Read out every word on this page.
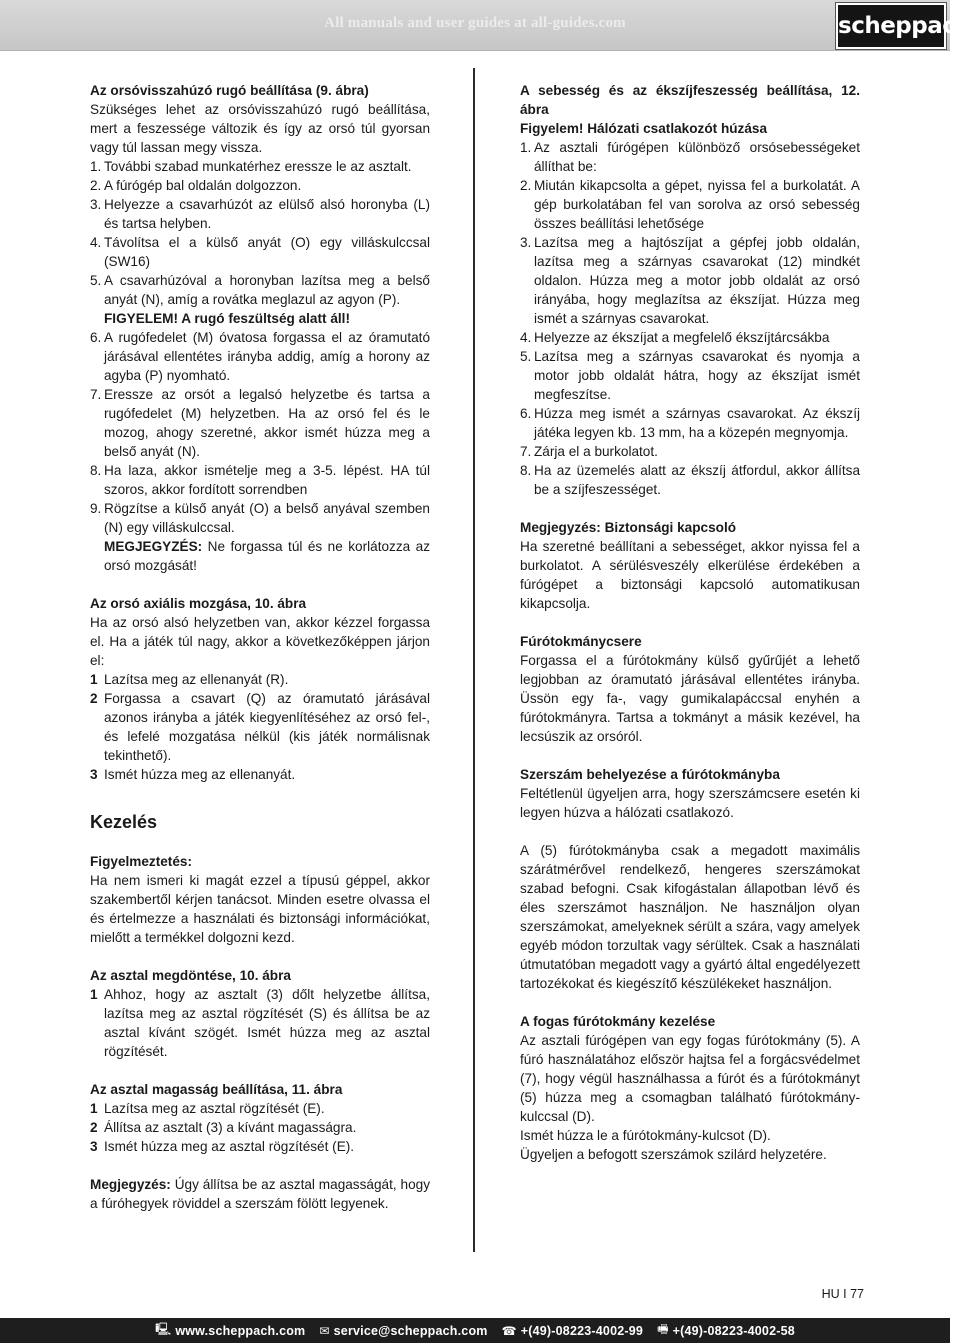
All manuals and user guides at all-guides.com	scheppach

Az orsóvisszahúzó rugó beállítása (9. ábra)

Szükséges lehet az orsóvisszahúzó rugó beállítása, mert a feszessége változik és így az orsó túl gyorsan vagy túl lassan megy vissza.

1. További szabad munkatérhez eressze le az asztalt.
2. A fúrógép bal oldalán dolgozzon.
3. Helyezze a csavarhúzót az elülső alsó horonyba (L) és tartsa helyben.
4. Távolítsa el a külső anyát (O) egy villáskulccsal (SW16)
5. A csavarhúzóval a horonyban lazítsa meg a belső anyát (N), amíg a rovátka meglazul az agyon (P).
FIGYELEM! A rugó feszültség alatt áll!
6. A rugófedelet (M) óvatosa forgassa el az óramutató járásával ellentétes irányba addig, amíg a horony az agyba (P) nyomható.
7. Eressze az orsót a legalsó helyzetbe és tartsa a rugófedelet (M) helyzetben. Ha az orsó fel és le mozog, ahogy szeretné, akkor ismét húzza meg a belső anyát (N).
8. Ha laza, akkor ismételje meg a 3-5. lépést. HA túl szoros, akkor fordított sorrendben
9. Rögzítse a külső anyát (O) a belső anyával szemben (N) egy villáskulccsal.
MEGJEGYZÉS: Ne forgassa túl és ne korlátozza az orsó mozgását!

Az orsó axiális mozgása, 10. ábra

Ha az orsó alsó helyzetben van, akkor kézzel forgassa el. Ha a játék túl nagy, akkor a következőképpen járjon el:

1 Lazítsa meg az ellenanyát (R).
2 Forgassa a csavart (Q) az óramutató járásával azonos irányba a játék kiegyenlítéséhez az orsó fel-, és lefelé mozgatása nélkül (kis játék normálisnak tekinthető).
3 Ismét húzza meg az ellenanyát.
Kezelés

Figyelmeztetés:

Ha nem ismeri ki magát ezzel a típusú géppel, akkor szakembertől kérjen tanácsot. Minden esetre olvassa el és értelmezze a használati és biztonsági információkat, mielőtt a termékkel dolgozni kezd.

Az asztal megdöntése, 10. ábra

1 Ahhoz, hogy az asztalt (3) dőlt helyzetbe állítsa, lazítsa meg az asztal rögzítését (S) és állítsa be az asztal kívánt szögét. Ismét húzza meg az asztal rögzítését.

Az asztal magasság beállítása, 11. ábra

1 Lazítsa meg az asztal rögzítését (E).
2 Állítsa az asztalt (3) a kívánt magasságra.
3 Ismét húzza meg az asztal rögzítését (E).

Megjegyzés: Úgy állítsa be az asztal magasságát, hogy a fúróhegyek röviddel a szerszám fölött legyenek.

A sebesség és az ékszíjfeszesség beállítása, 12. ábra

Figyelem! Hálózati csatlakozót húzása

1. Az asztali fúrógépen különböző orsósebességeket állíthat be:
2. Miután kikapcsolta a gépet, nyissa fel a burkolatát. A gép burkolatában fel van sorolva az orsó sebesség összes beállítási lehetősége
3. Lazítsa meg a hajtószíjat a gépfej jobb oldalán, lazítsa meg a szárnyas csavarokat (12) mindkét oldalon. Húzza meg a motor jobb oldalát az orsó irányába, hogy meglazítsa az ékszíjat. Húzza meg ismét a szárnyas csavarokat.
4. Helyezze az ékszíjat a megfelelő ékszíjtárcsákba
5. Lazítsa meg a szárnyas csavarokat és nyomja a motor jobb oldalát hátra, hogy az ékszíjat ismét megfeszítse.
6. Húzza meg ismét a szárnyas csavarokat. Az ékszíj játéka legyen kb. 13 mm, ha a közepén megnyomja.
7. Zárja el a burkolatot.
8. Ha az üzemelés alatt az ékszíj átfordul, akkor állítsa be a szíjfeszességet.

Megjegyzés: Biztonsági kapcsoló

Ha szeretné beállítani a sebességet, akkor nyissa fel a burkolatot. A sérülésveszély elkerülése érdekében a fúrógépet a biztonsági kapcsoló automatikusan kikapcsolja.

Fúrótokmánycsere

Forgassa el a fúrótokmány külső gyűrűjét a lehető legjobban az óramutató járásával ellentétes irányba. Üssön egy fa-, vagy gumikalapáccsal enyhén a fúrótokmányra. Tartsa a tokmányt a másik kezével, ha lecsúszik az orsóról.

Szerszám behelyezése a fúrótokmányba

Feltétlenül ügyeljen arra, hogy szerszámcsere esetén ki legyen húzva a hálózati csatlakozó.

A (5) fúrótokmányba csak a megadott maximális szárátmérővel rendelkező, hengeres szerszámokat szabad befogni. Csak kifogástalan állapotban lévő és éles szerszámot használjon. Ne használjon olyan szerszámokat, amelyeknek sérült a szára, vagy amelyek egyéb módon torzultak vagy sérültek. Csak a használati útmutatóban megadott vagy a gyártó által engedélyezett tartozékokat és kiegészítő készülékeket használjon.

A fogas fúrótokmány kezelése

Az asztali fúrógépen van egy fogas fúrótokmány (5). A fúró használatához először hajtsa fel a forgácsvédelmet (7), hogy végül használhassa a fúrót és a fúrótokmányt (5) húzza meg a csomagban található fúrótokmány-kulccsal (D).

Ismét húzza le a fúrótokmány-kulcsot (D).

Ügyeljen a befogott szerszámok szilárd helyzetére.

HU I 77
🖳 www.scheppach.com ✉ service@scheppach.com ☎ +(49)-08223-4002-99 🖷 +(49)-08223-4002-58
